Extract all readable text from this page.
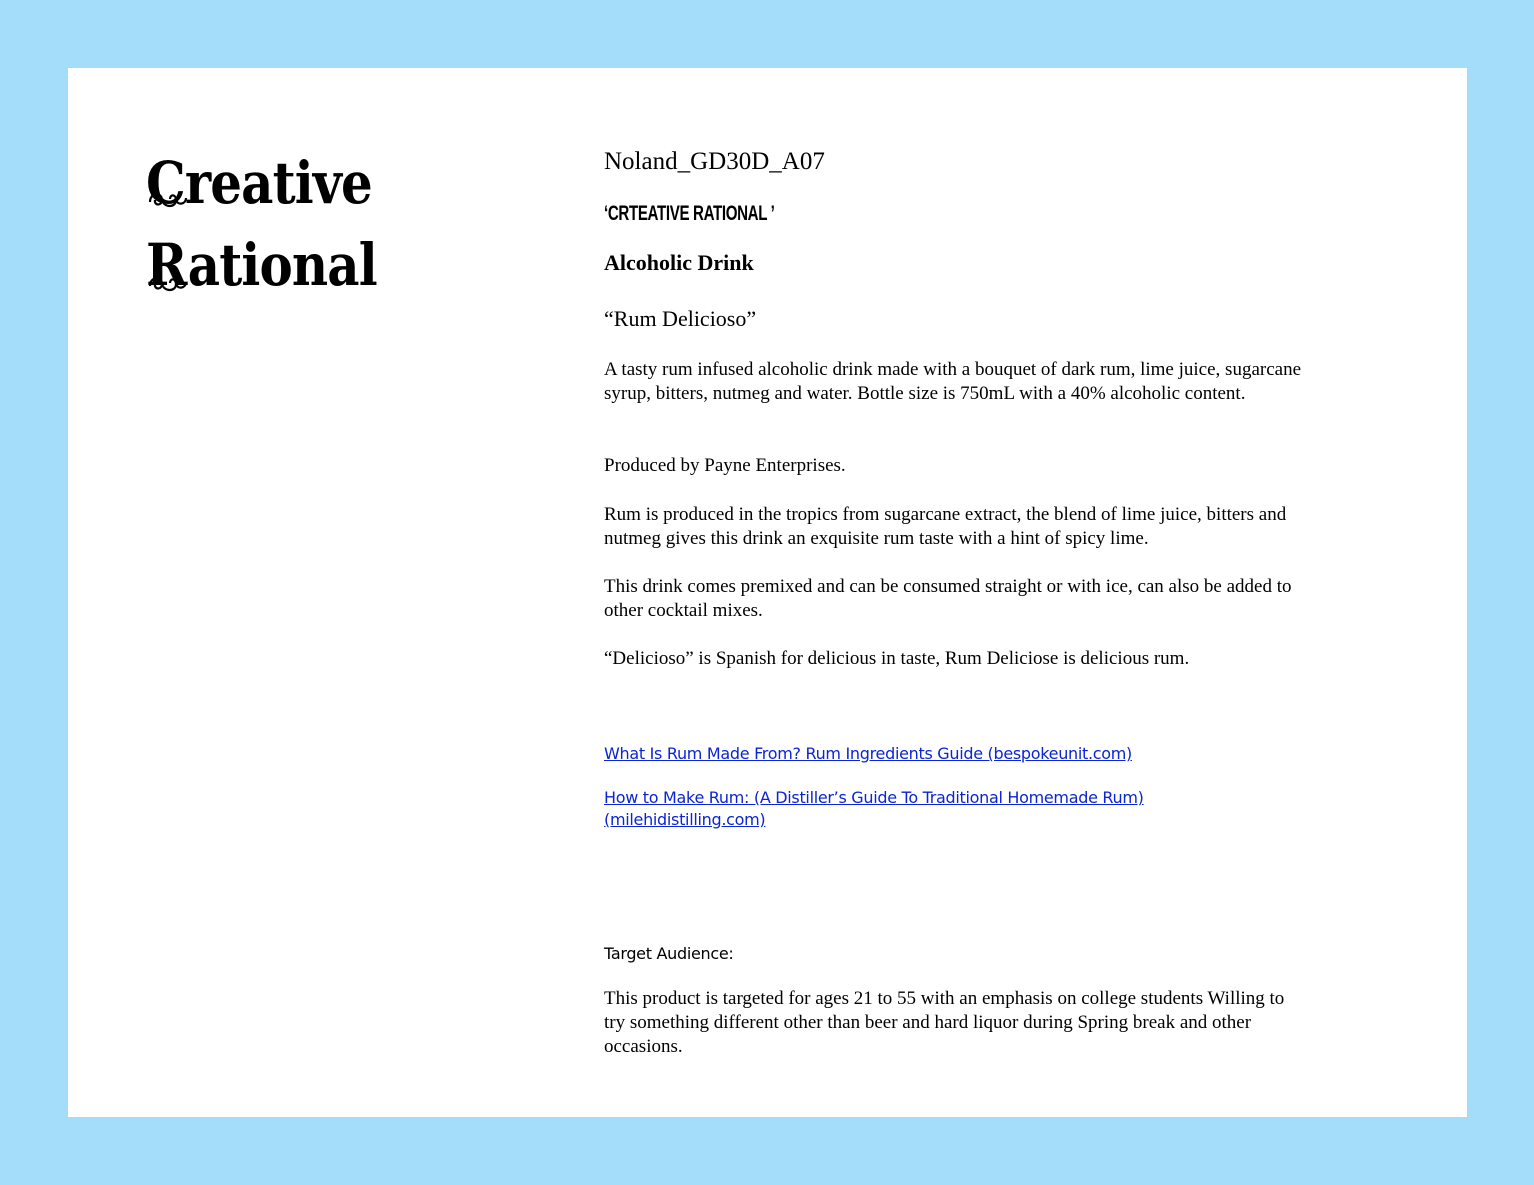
Creative
Rational
Noland_GD30D_A07
‘CRTEATIVE RATIONAL ’
Alcoholic Drink
“Rum Delicioso”

A tasty rum infused alcoholic drink made with a bouquet of dark rum, lime juice, sugarcane syrup, bitters, nutmeg and water. Bottle size is 750mL with a 40% alcoholic content.

Produced by Payne Enterprises.

Rum is produced in the tropics from sugarcane extract, the blend of lime juice, bitters and nutmeg gives this drink an exquisite rum taste with a hint of spicy lime.

This drink comes premixed and can be consumed straight or with ice, can also be added to other cocktail mixes.

“Delicioso” is Spanish for delicious in taste, Rum Deliciose is delicious rum.

What Is Rum Made From? Rum Ingredients Guide (bespokeunit.com)
How to Make Rum: (A Distiller’s Guide To Traditional Homemade Rum) (milehidistilling.com)
Target Audience:

This product is targeted for ages 21 to 55 with an emphasis on college students Willing to try something different other than beer and hard liquor during Spring break and other occasions.
